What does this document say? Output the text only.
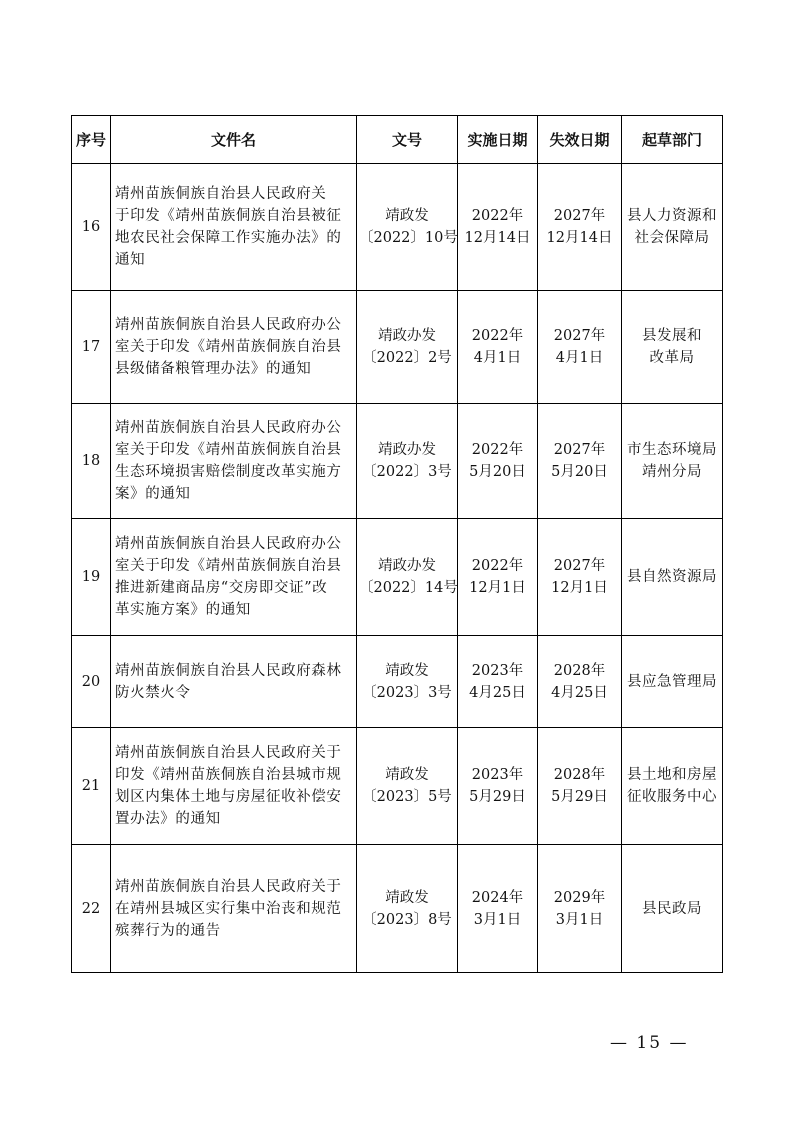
序号	文件名	文号	实施日期	失效日期	起草部门
16	靖州苗族侗族自治县人民政府关
于印发《靖州苗族侗族自治县被征
地农民社会保障工作实施办法》的
通知	靖政发
〔2022〕10号	2022年
12月14日	2027年
12月14日	县人力资源和
社会保障局

17	靖州苗族侗族自治县人民政府办公
室关于印发《靖州苗族侗族自治县
县级储备粮管理办法》的通知	靖政办发
〔2022〕2号	2022年
4月1日	2027年
4月1日	县发展和
改革局

18	靖州苗族侗族自治县人民政府办公
室关于印发《靖州苗族侗族自治县
生态环境损害赔偿制度改革实施方
案》的通知	靖政办发
〔2022〕3号	2022年
5月20日	2027年
5月20日	市生态环境局
靖州分局

19	靖州苗族侗族自治县人民政府办公
室关于印发《靖州苗族侗族自治县
推进新建商品房“交房即交证”改
革实施方案》的通知	靖政办发
〔2022〕14号	2022年
12月1日	2027年
12月1日	县自然资源局

20	靖州苗族侗族自治县人民政府森林
防火禁火令	靖政发
〔2023〕3号	2023年
4月25日	2028年
4月25日	县应急管理局

21	靖州苗族侗族自治县人民政府关于
印发《靖州苗族侗族自治县城市规
划区内集体土地与房屋征收补偿安
置办法》的通知	靖政发
〔2023〕5号	2023年
5月29日	2028年
5月29日	县土地和房屋
征收服务中心

22	靖州苗族侗族自治县人民政府关于
在靖州县城区实行集中治丧和规范
殡葬行为的通告	靖政发
〔2023〕8号	2024年
3月1日	2029年
3月1日	县民政局
— 15 —
